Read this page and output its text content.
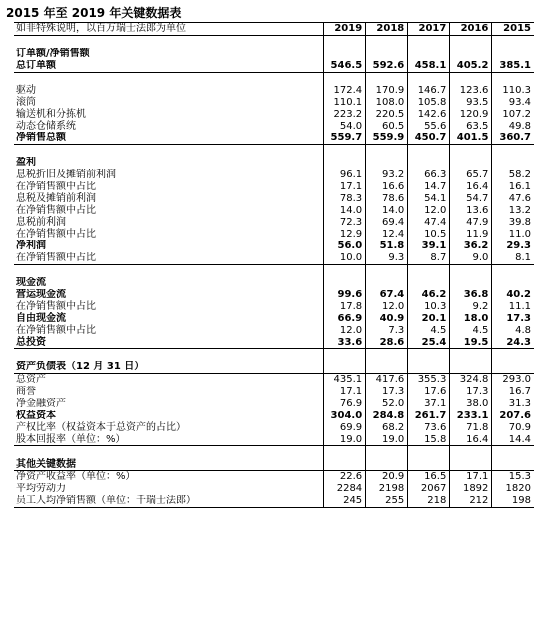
2015 年至 2019 年关键数据表
如非特殊说明，以百万瑞士法郎为单位	2019	2018	2017	2016	2015

订单额/净销售额					
总订单额	546.5	592.6	458.1	405.2	385.1

驱动	172.4	170.9	146.7	123.6	110.3
滚筒	110.1	108.0	105.8	93.5	93.4
输送机和分拣机	223.2	220.5	142.6	120.9	107.2
动态仓储系统	54.0	60.5	55.6	63.5	49.8
净销售总额	559.7	559.9	450.7	401.5	360.7

盈利					
息税折旧及摊销前利润	96.1	93.2	66.3	65.7	58.2
在净销售额中占比	17.1	16.6	14.7	16.4	16.1
息税及摊销前利润	78.3	78.6	54.1	54.7	47.6
在净销售额中占比	14.0	14.0	12.0	13.6	13.2
息税前利润	72.3	69.4	47.4	47.9	39.8
在净销售额中占比	12.9	12.4	10.5	11.9	11.0
净利润	56.0	51.8	39.1	36.2	29.3
在净销售额中占比	10.0	9.3	8.7	9.0	8.1

现金流					
营运现金流	99.6	67.4	46.2	36.8	40.2
在净销售额中占比	17.8	12.0	10.3	9.2	11.1
自由现金流	66.9	40.9	20.1	18.0	17.3
在净销售额中占比	12.0	7.3	4.5	4.5	4.8
总投资	33.6	28.6	25.4	19.5	24.3

资产负债表（12 月 31 日）					
总资产	435.1	417.6	355.3	324.8	293.0
商誉	17.1	17.3	17.6	17.3	16.7
净金融资产	76.9	52.0	37.1	38.0	31.3
权益资本	304.0	284.8	261.7	233.1	207.6
产权比率（权益资本于总资产的占比）	69.9	68.2	73.6	71.8	70.9
股本回报率（单位：%）	19.0	19.0	15.8	16.4	14.4

其他关键数据					
净资产收益率（单位：%）	22.6	20.9	16.5	17.1	15.3
平均劳动力	2284	2198	2067	1892	1820
员工人均净销售额（单位：千瑞士法郎）	245	255	218	212	198
